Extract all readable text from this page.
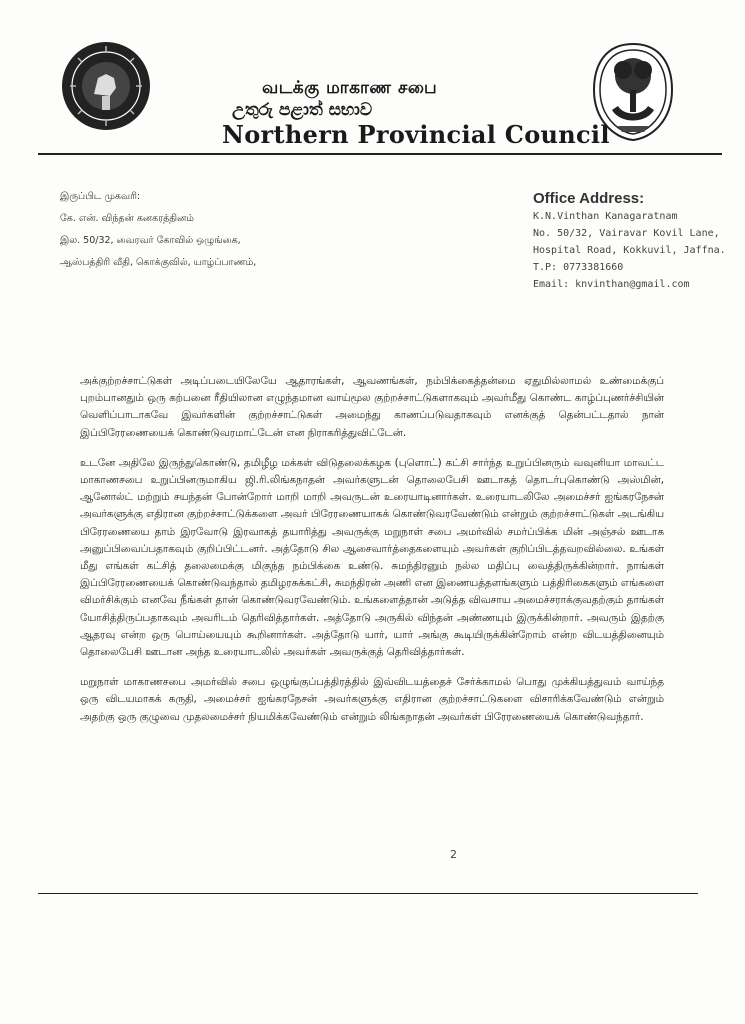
வடக்கு மாகாண சபை
උතුරු පළාත් සභාව
Northern Provincial Council
இருப்பிட முகவரி:
கே. என். விந்தன் கனகரத்தினம்
இல. 50/32, வைரவர் கோவில் ஒழுங்கை,
ஆஸ்பத்திரி வீதி, கொக்குவில், யாழ்ப்பாணம்,
Office Address:
K.N.Vinthan Kanagaratnam
No. 50/32, Vairavar Kovil Lane,
Hospital Road, Kokkuvil, Jaffna.
T.P: 0773381660
Email: knvinthan@gmail.com

அக்குற்றச்சாட்டுகள் அடிப்படையிலேயே ஆதாரங்கள், ஆவணங்கள், நம்பிக்கைத்தன்மை ஏதுமில்லாமல் உண்மைக்குப் புறம்பானதும் ஒரு கற்பனை ரீதியிலான எழுந்தமான வாய்மூல குற்றச்சாட்டுகளாகவும் அவர்மீது கொண்ட காழ்ப்புணர்ச்சியின் வெளிப்பாடாகவே இவர்களின் குற்றச்சாட்டுகள் அமைந்து காணப்படுவதாகவும் எனக்குத் தென்பட்டதால் நான் இப்பிரேரணையைக் கொண்டுவரமாட்டேன் என நிராகரித்துவிட்டேன்.

உடனே அதிலே இருந்துகொண்டு, தமிழீழ மக்கள் விடுதலைக்கழக (புளொட்) கட்சி சார்ந்த உறுப்பினரும் வவுனியா மாவட்ட மாகாணசபை உறுப்பினருமாகிய ஜி.ரி.லிங்கநாதன் அவர்களுடன் தொலைபேசி ஊடாகத் தொடர்புகொண்டு அஸ்மின், ஆனோல்ட் மற்றும் சயந்தன் போன்றோர் மாறி மாறி அவருடன் உரையாடினார்கள். உரையாடலிலே அமைச்சர் ஐங்கரநேசன் அவர்களுக்கு எதிரான குற்றச்சாட்டுக்களை அவர் பிரேரணையாகக் கொண்டுவரவேண்டும் என்றும் குற்றச்சாட்டுகள் அடங்கிய பிரேரணையை தாம் இரவோடு இரவாகத் தயாரித்து அவருக்கு மறுநாள் சபை அமர்வில் சமர்ப்பிக்க மின் அஞ்சல் ஊடாக அனுப்பிவைப்பதாகவும் குறிப்பிட்டனர். அத்தோடு சில ஆசைவார்த்தைகளையும் அவர்கள் குறிப்பிடத்தவறவில்லை. உங்கள் மீது எங்கள் கட்சித் தலைமைக்கு மிகுந்த நம்பிக்கை உண்டு. சுமந்திரனும் நல்ல மதிப்பு வைத்திருக்கின்றார். நாங்கள் இப்பிரேரணையைக் கொண்டுவந்தால் தமிழரசுக்கட்சி, சுமந்திரன் அணி என இணையத்தளங்களும் பத்திரிகைகளும் எங்களை விமர்சிக்கும் எனவே நீங்கள் தான் கொண்டுவரவேண்டும். உங்களைத்தான் அடுத்த விவசாய அமைச்சராக்குவதற்கும் தாங்கள் யோசித்திருப்பதாகவும் அவரிடம் தெரிவித்தார்கள். அத்தோடு அருகில் விந்தன் அண்ணயும் இருக்கின்றார். அவரும் இதற்கு ஆதரவு என்ற ஒரு பொய்யையும் கூறினார்கள். அத்தோடு யார், யார் அங்கு கூடியிருக்கின்றோம் என்ற விடயத்தினையும் தொலைபேசி ஊடான அந்த உரையாடலில் அவர்கள் அவருக்குத் தெரிவித்தார்கள்.

மறுநாள் மாகாணசபை அமர்வில் சபை ஒழுங்குப்பத்திரத்தில் இவ்விடயத்தைச் சேர்க்காமல் பொது முக்கியத்துவம் வாய்ந்த ஒரு விடயமாகக் கருதி, அமைச்சர் ஐங்கரநேசன் அவர்களுக்கு எதிரான குற்றச்சாட்டுகளை விசாரிக்கவேண்டும் என்றும் அதற்கு ஒரு குழுவை முதலமைச்சர் நியமிக்கவேண்டும் என்றும் லிங்கநாதன் அவர்கள் பிரேரணையைக் கொண்டுவந்தார்.

2
